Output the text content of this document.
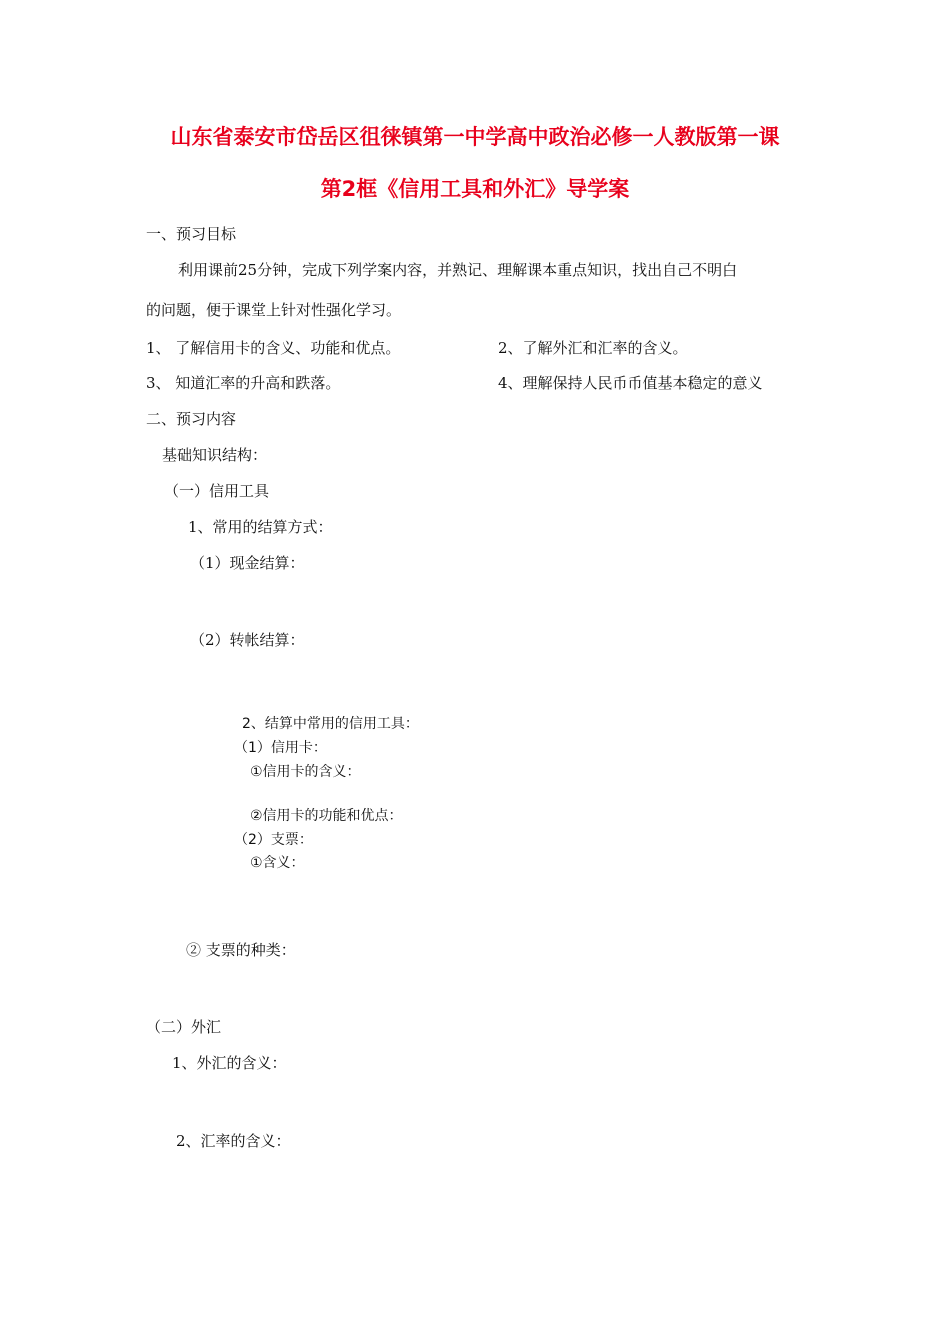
山东省泰安市岱岳区徂徕镇第一中学高中政治必修一人教版第一课
第2框《信用工具和外汇》导学案
一、预习目标
利用课前25分钟，完成下列学案内容，并熟记、理解课本重点知识，找出自己不明白
的问题，便于课堂上针对性强化学习。
1、 了解信用卡的含义、功能和优点。	2、了解外汇和汇率的含义。
3、 知道汇率的升高和跌落。	4、理解保持人民币币值基本稳定的意义
二、预习内容
基础知识结构：
（一）信用工具
1、常用的结算方式：
（1）现金结算：
（2）转帐结算：
2、结算中常用的信用工具：
（1）信用卡：
①信用卡的含义：
②信用卡的功能和优点：
（2）支票：
①含义：
② 支票的种类：
（二）外汇
1、外汇的含义：
2、汇率的含义：
